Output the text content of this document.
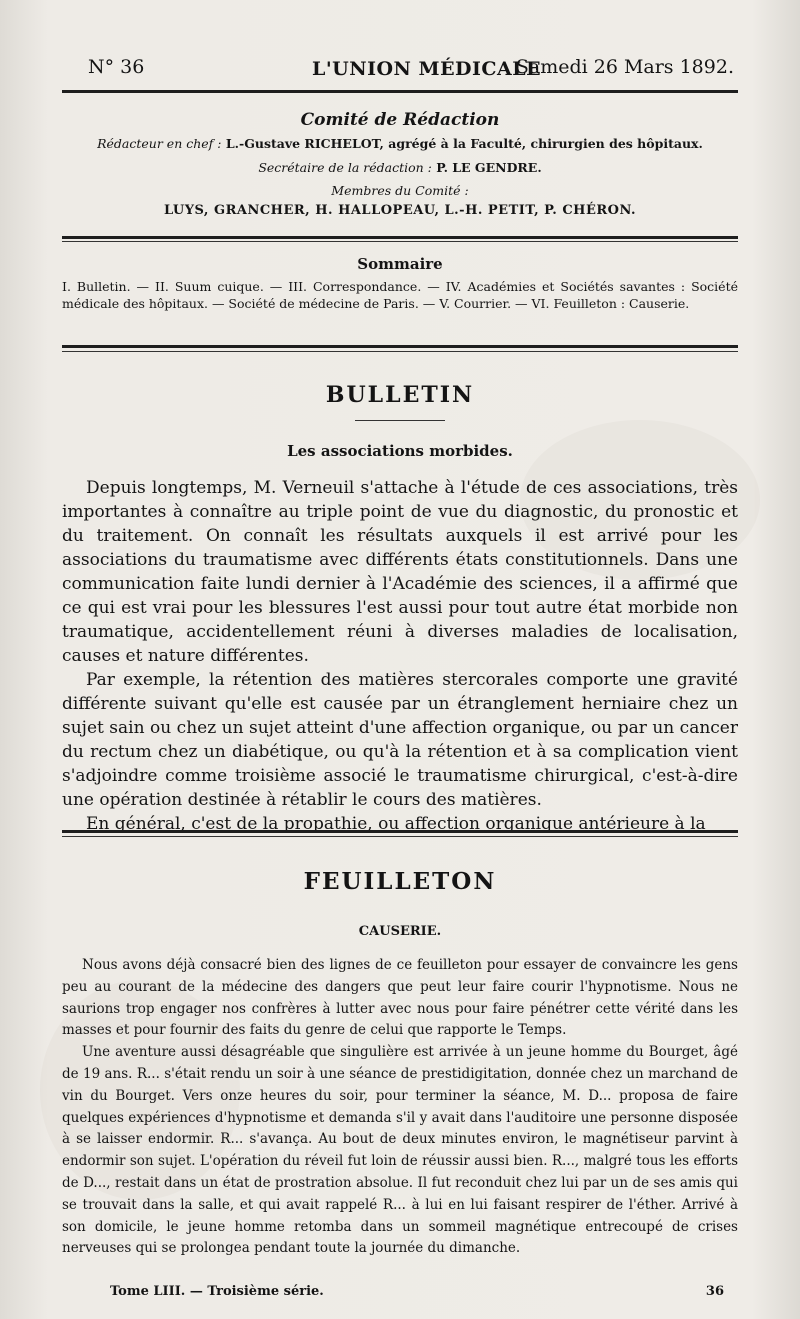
N° 36	L'UNION MÉDICALE
Samedi 26 Mars 1892.
Comité de Rédaction
Rédacteur en chef : L.-Gustave RICHELOT, agrégé à la Faculté, chirurgien des hôpitaux.
Secrétaire de la rédaction : P. LE GENDRE.
Membres du Comité :
LUYS, GRANCHER, H. HALLOPEAU, L.-H. PETIT, P. CHÉRON.
Sommaire
I. Bulletin. — II. Suum cuique. — III. Correspondance. — IV. Académies et Sociétés savantes : Société médicale des hôpitaux. — Société de médecine de Paris. — V. Courrier. — VI. Feuilleton : Causerie.
BULLETIN
Les associations morbides.

Depuis longtemps, M. Verneuil s'attache à l'étude de ces associations, très importantes à connaître au triple point de vue du diagnostic, du pronostic et du traitement. On connaît les résultats auxquels il est arrivé pour les associations du traumatisme avec différents états constitutionnels. Dans une communication faite lundi dernier à l'Académie des sciences, il a affirmé que ce qui est vrai pour les blessures l'est aussi pour tout autre état morbide non traumatique, accidentellement réuni à diverses maladies de localisation, causes et nature différentes.

Par exemple, la rétention des matières stercorales comporte une gravité différente suivant qu'elle est causée par un étranglement herniaire chez un sujet sain ou chez un sujet atteint d'une affection organique, ou par un cancer du rectum chez un diabétique, ou qu'à la rétention et à sa complication vient s'adjoindre comme troisième associé le traumatisme chirurgical, c'est-à-dire une opération destinée à rétablir le cours des matières.

En général, c'est de la propathie, ou affection organique antérieure à la

FEUILLETON
CAUSERIE.

Nous avons déjà consacré bien des lignes de ce feuilleton pour essayer de convaincre les gens peu au courant de la médecine des dangers que peut leur faire courir l'hypnotisme. Nous ne saurions trop engager nos confrères à lutter avec nous pour faire pénétrer cette vérité dans les masses et pour fournir des faits du genre de celui que rapporte le Temps.

Une aventure aussi désagréable que singulière est arrivée à un jeune homme du Bourget, âgé de 19 ans. R... s'était rendu un soir à une séance de prestidigitation, donnée chez un marchand de vin du Bourget. Vers onze heures du soir, pour terminer la séance, M. D... proposa de faire quelques expériences d'hypnotisme et demanda s'il y avait dans l'auditoire une personne disposée à se laisser endormir. R... s'avança. Au bout de deux minutes environ, le magnétiseur parvint à endormir son sujet. L'opération du réveil fut loin de réussir aussi bien. R..., malgré tous les efforts de D..., restait dans un état de prostration absolue. Il fut reconduit chez lui par un de ses amis qui se trouvait dans la salle, et qui avait rappelé R... à lui en lui faisant respirer de l'éther. Arrivé à son domicile, le jeune homme retomba dans un sommeil magnétique entrecoupé de crises nerveuses qui se prolongea pendant toute la journée du dimanche.

Tome LIII. — Troisième série.	36
